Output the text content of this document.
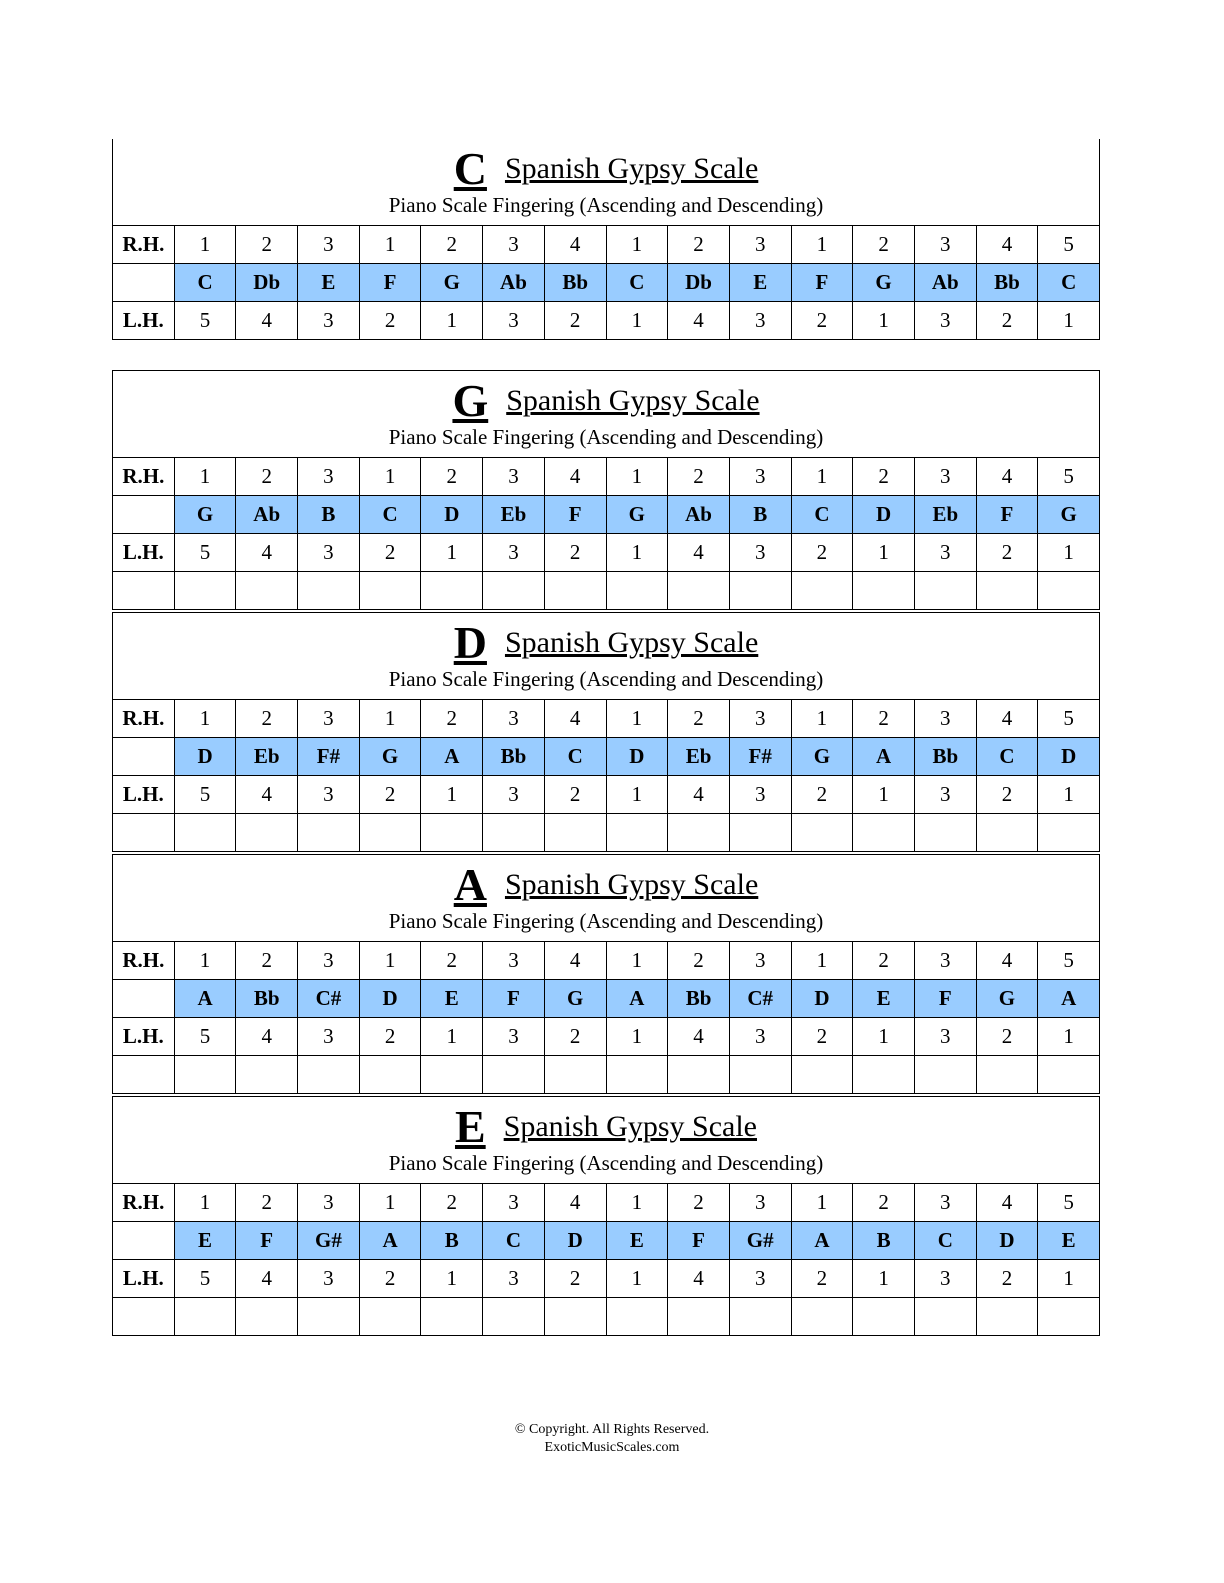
C Spanish Gypsy Scale
Piano Scale Fingering (Ascending and Descending)															

R.H.	1	2	3	1	2	3	4	1	2	3	1	2	3	4	5
	C	Db	E	F	G	Ab	Bb	C	Db	E	F	G	Ab	Bb	C
L.H.	5	4	3	2	1	3	2	1	4	3	2	1	3	2	1
G Spanish Gypsy Scale
Piano Scale Fingering (Ascending and Descending)															

R.H.	1	2	3	1	2	3	4	1	2	3	1	2	3	4	5
	G	Ab	B	C	D	Eb	F	G	Ab	B	C	D	Eb	F	G
L.H.	5	4	3	2	1	3	2	1	4	3	2	1	3	2	1

D Spanish Gypsy Scale
Piano Scale Fingering (Ascending and Descending)															

R.H.	1	2	3	1	2	3	4	1	2	3	1	2	3	4	5
	D	Eb	F#	G	A	Bb	C	D	Eb	F#	G	A	Bb	C	D
L.H.	5	4	3	2	1	3	2	1	4	3	2	1	3	2	1

A Spanish Gypsy Scale
Piano Scale Fingering (Ascending and Descending)															

R.H.	1	2	3	1	2	3	4	1	2	3	1	2	3	4	5
	A	Bb	C#	D	E	F	G	A	Bb	C#	D	E	F	G	A
L.H.	5	4	3	2	1	3	2	1	4	3	2	1	3	2	1

E Spanish Gypsy Scale
Piano Scale Fingering (Ascending and Descending)															

R.H.	1	2	3	1	2	3	4	1	2	3	1	2	3	4	5
	E	F	G#	A	B	C	D	E	F	G#	A	B	C	D	E
L.H.	5	4	3	2	1	3	2	1	4	3	2	1	3	2	1

© Copyright. All Rights Reserved.
ExoticMusicScales.com
